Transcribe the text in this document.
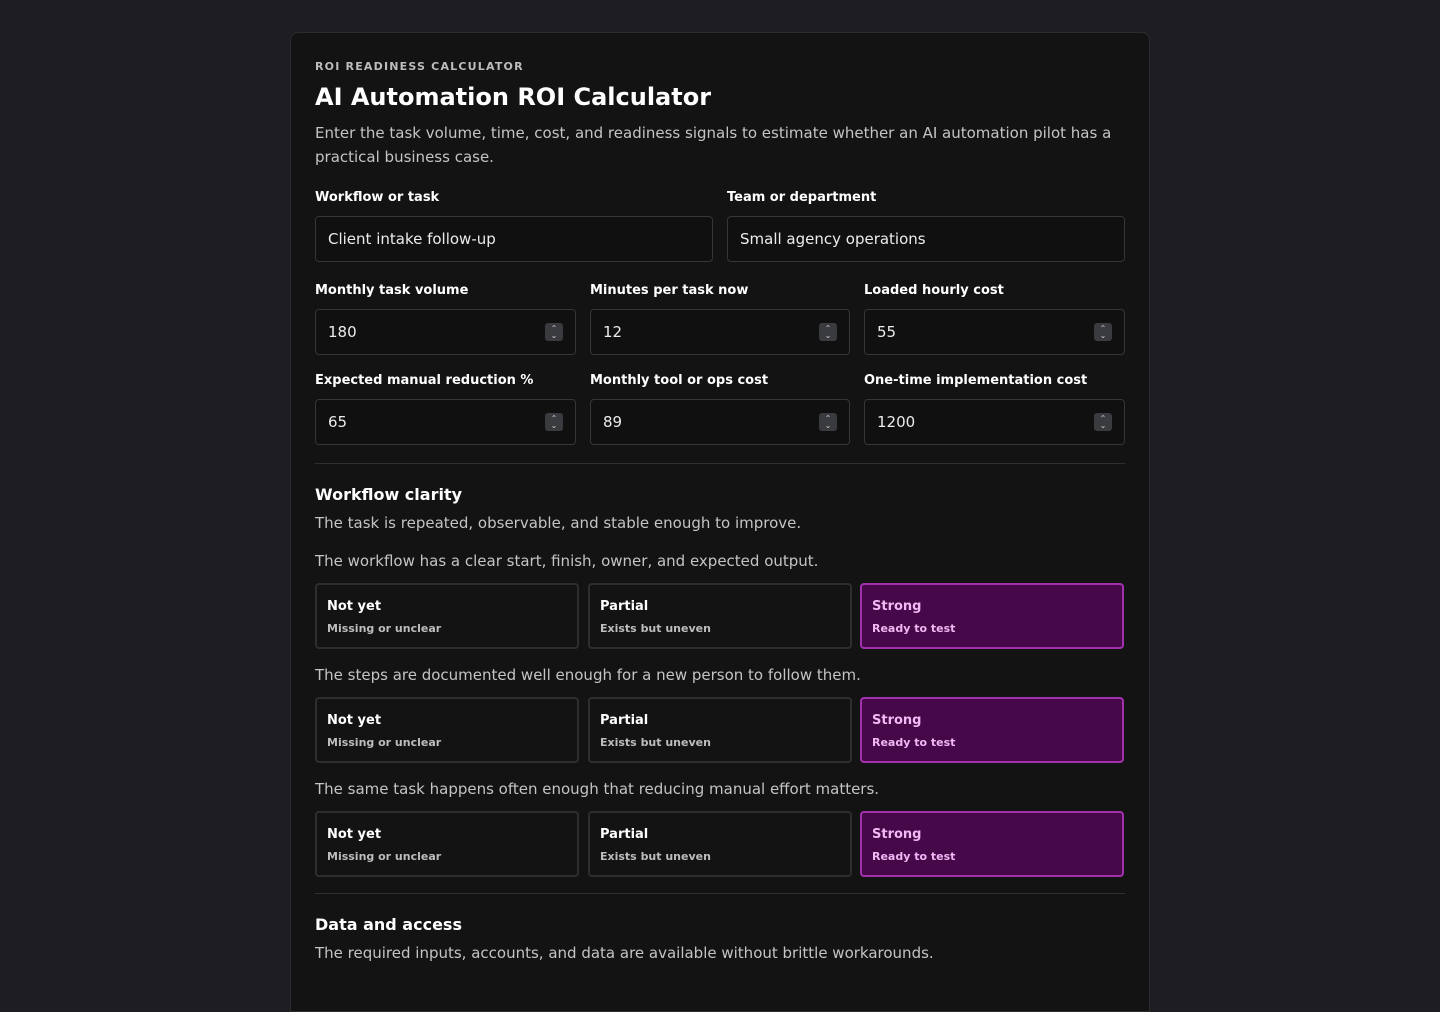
ROI READINESS CALCULATOR
AI Automation ROI Calculator
Enter the task volume, time, cost, and readiness signals to estimate whether an AI automation pilot has a practical business case.
Workflow or task
Client intake follow-up
Team or department
Small agency operations
Monthly task volume
180	⌃
⌄
Minutes per task now
12	⌃
⌄
Loaded hourly cost
55	⌃
⌄
Expected manual reduction %
65	⌃
⌄
Monthly tool or ops cost
89	⌃
⌄
One-time implementation cost
1200	⌃
⌄
Workflow clarity
The task is repeated, observable, and stable enough to improve.
The workflow has a clear start, finish, owner, and expected output.
Not yet
Missing or unclear
Partial
Exists but uneven
Strong
Ready to test
The steps are documented well enough for a new person to follow them.
Not yet
Missing or unclear
Partial
Exists but uneven
Strong
Ready to test
The same task happens often enough that reducing manual effort matters.
Not yet
Missing or unclear
Partial
Exists but uneven
Strong
Ready to test
Data and access
The required inputs, accounts, and data are available without brittle workarounds.
